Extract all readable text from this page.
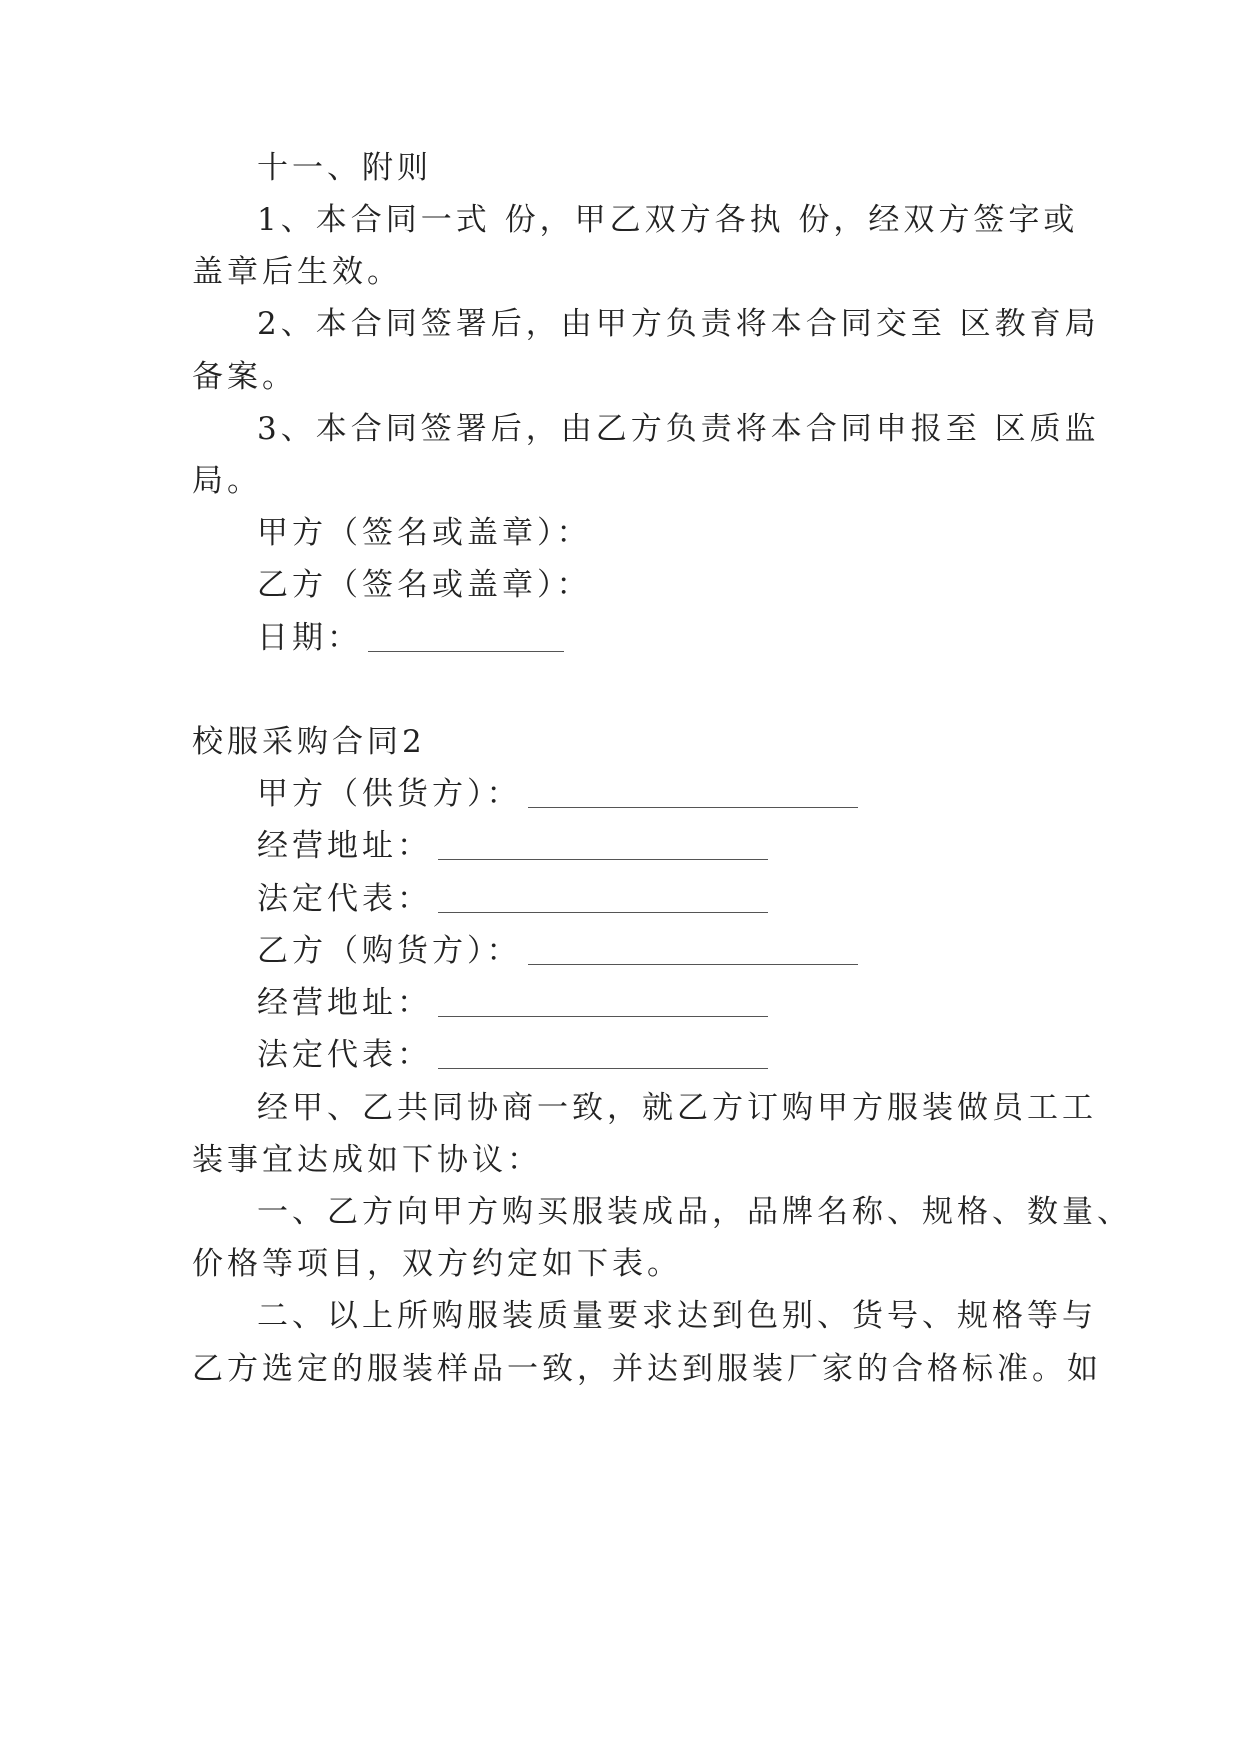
十一、附则
1、本合同一式 份，甲乙双方各执 份，经双方签字或
盖章后生效。
2、本合同签署后，由甲方负责将本合同交至 区教育局
备案。
3、本合同签署后，由乙方负责将本合同申报至 区质监
局。
甲方（签名或盖章）：
乙方（签名或盖章）：
日期：
校服采购合同2
甲方（供货方）：
经营地址：
法定代表：
乙方（购货方）：
经营地址：
法定代表：
经甲、乙共同协商一致，就乙方订购甲方服装做员工工
装事宜达成如下协议：
一、乙方向甲方购买服装成品，品牌名称、规格、数量、
价格等项目，双方约定如下表。
二、以上所购服装质量要求达到色别、货号、规格等与
乙方选定的服装样品一致，并达到服装厂家的合格标准。如
